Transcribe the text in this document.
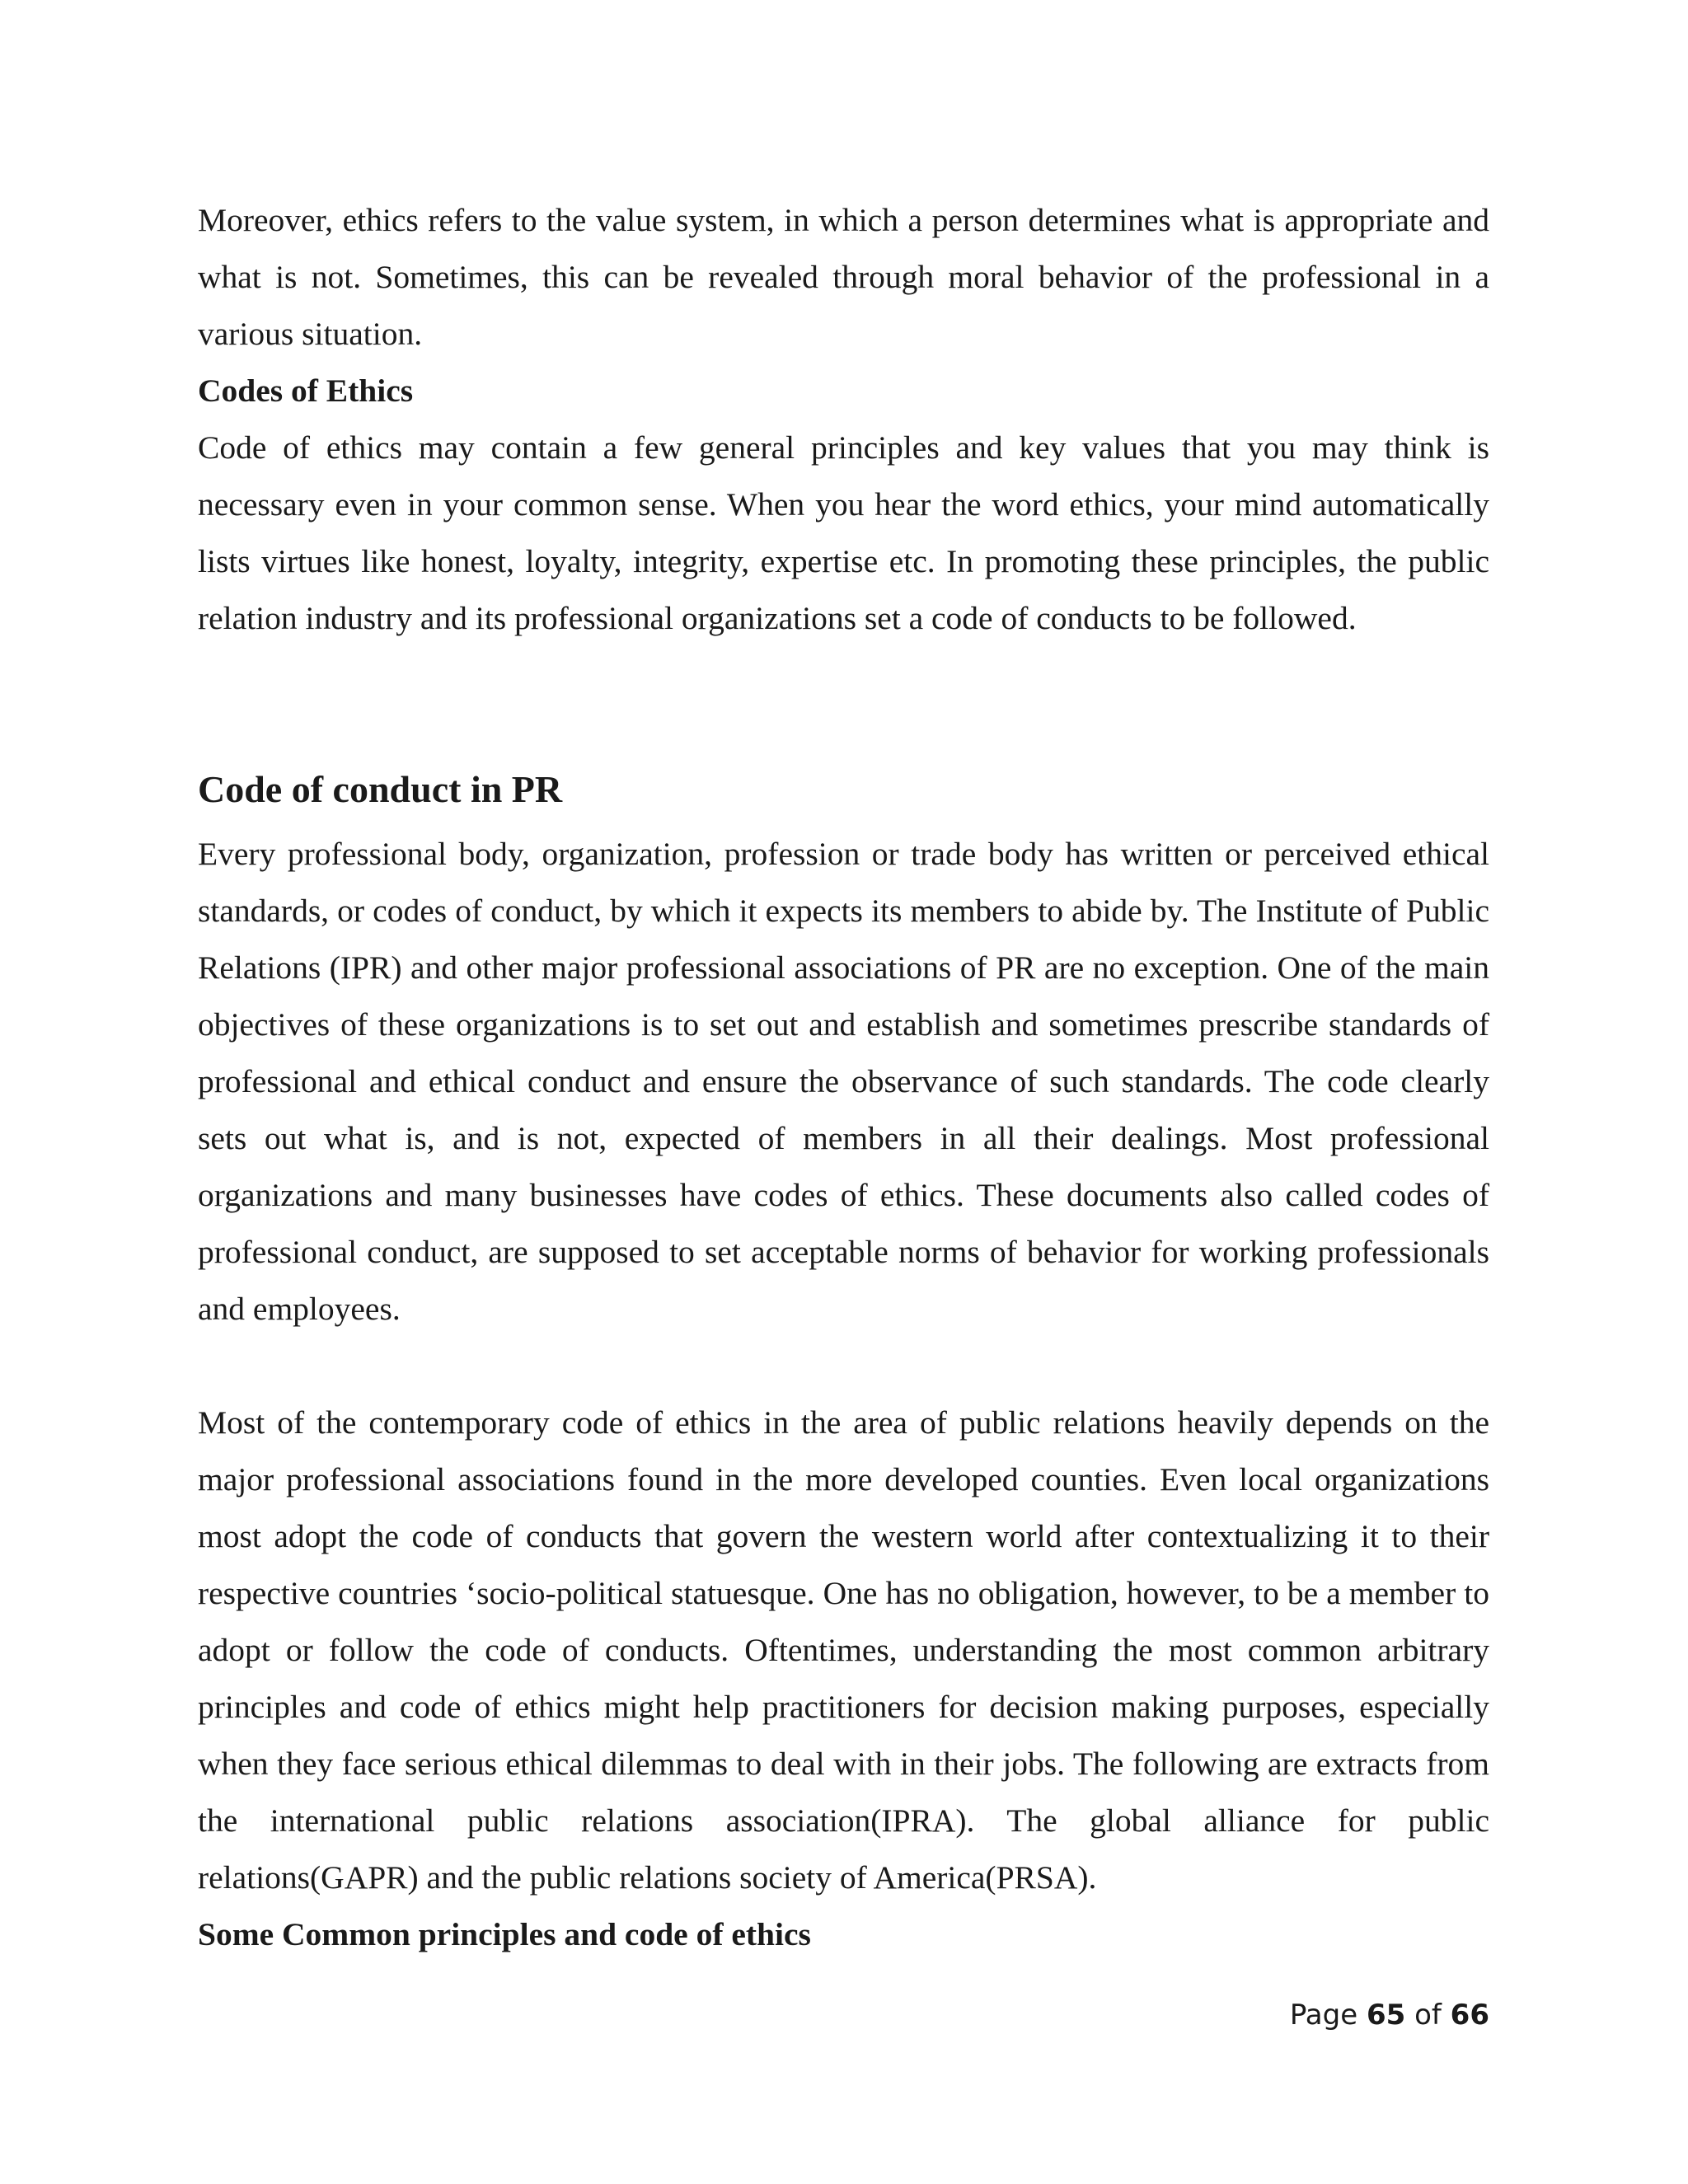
Moreover, ethics refers to the value system, in which a person determines what is appropriate and what is not. Sometimes, this can be revealed through moral behavior of the professional in a various situation.

Codes of Ethics

Code of ethics may contain a few general principles and key values that you may think is necessary even in your common sense. When you hear the word ethics, your mind automatically lists virtues like honest, loyalty, integrity, expertise etc. In promoting these principles, the public relation industry and its professional organizations set a code of conducts to be followed.

Code of conduct in PR

Every professional body, organization, profession or trade body has written or perceived ethical standards, or codes of conduct, by which it expects its members to abide by. The Institute of Public Relations (IPR) and other major professional associations of PR are no exception. One of the main objectives of these organizations is to set out and establish and sometimes prescribe standards of professional and ethical conduct and ensure the observance of such standards. The code clearly sets out what is, and is not, expected of members in all their dealings. Most professional organizations and many businesses have codes of ethics. These documents also called codes of professional conduct, are supposed to set acceptable norms of behavior for working professionals and employees.

Most of the contemporary code of ethics in the area of public relations heavily depends on the major professional associations found in the more developed counties. Even local organizations most adopt the code of conducts that govern the western world after contextualizing it to their respective countries ‘socio-political statuesque. One has no obligation, however, to be a member to adopt or follow the code of conducts. Oftentimes, understanding the most common arbitrary principles and code of ethics might help practitioners for decision making purposes, especially when they face serious ethical dilemmas to deal with in their jobs. The following are extracts from the international public relations association(IPRA). The global alliance for public relations(GAPR) and the public relations society of America(PRSA).

Some Common principles and code of ethics

Page 65 of 66
